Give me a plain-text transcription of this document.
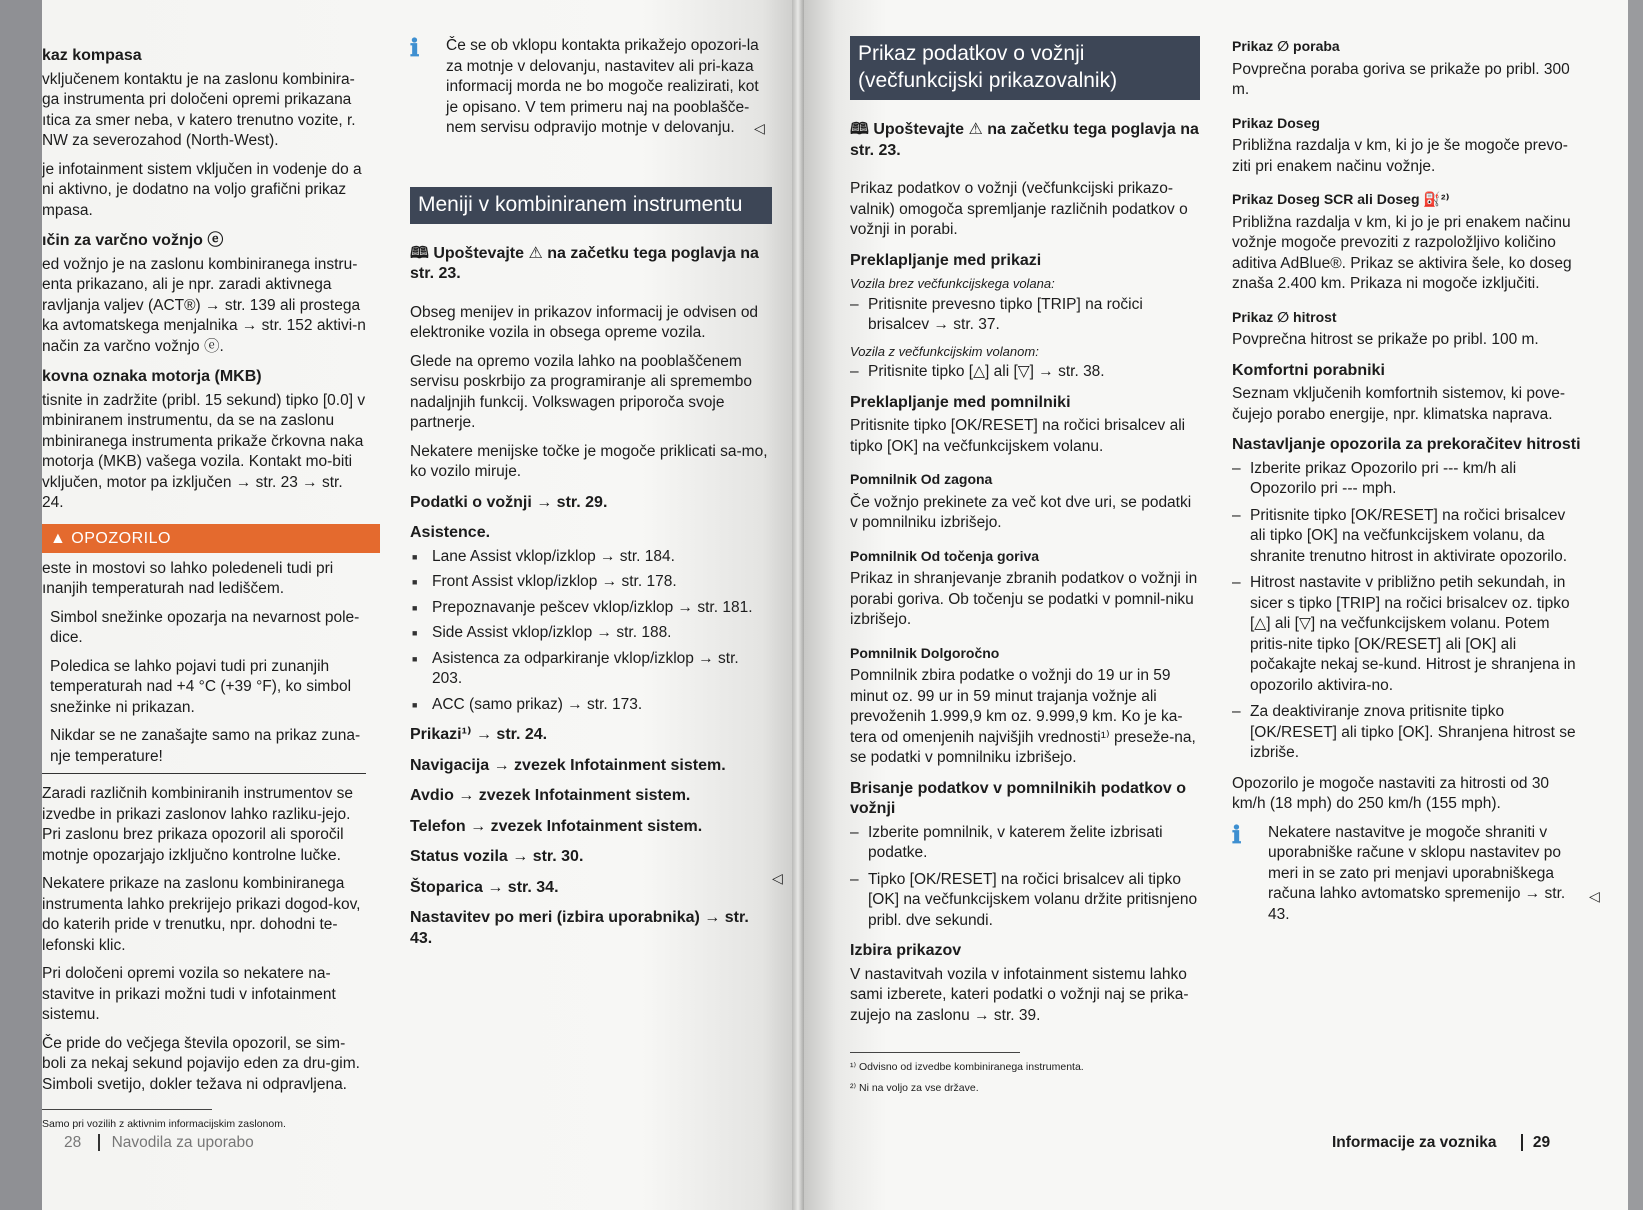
kaz kompasa

vključenem kontaktu je na zaslonu kombinira-ga instrumenta pri določeni opremi prikazana ıtica za smer neba, v katero trenutno vozite, r. NW za severozahod (North-West).

je infotainment sistem vključen in vodenje do a ni aktivno, je dodatno na voljo grafični prikaz mpasa.

ıčin za varčno vožnjo ⓔ

ed vožnjo je na zaslonu kombiniranega instru-enta prikazano, ali je npr. zaradi aktivnega ravljanja valjev (ACT®) → str. 139 ali prostega ka avtomatskega menjalnika → str. 152 aktivi-n način za varčno vožnjo ⓔ.

kovna oznaka motorja (MKB)

tisnite in zadržite (pribl. 15 sekund) tipko [0.0] v mbiniranem instrumentu, da se na zaslonu mbiniranega instrumenta prikaže črkovna naka motorja (MKB) vašega vozila. Kontakt mo-biti vključen, motor pa izključen → str. 23 → str. 24.

▲ OPOZORILO

este in mostovi so lahko poledeneli tudi pri ınanjih temperaturah nad lediščem.

Simbol snežinke opozarja na nevarnost pole-dice.

Poledica se lahko pojavi tudi pri zunanjih temperaturah nad +4 °C (+39 °F), ko simbol snežinke ni prikazan.

Nikdar se ne zanašajte samo na prikaz zuna-nje temperature!

Zaradi različnih kombiniranih instrumentov se izvedbe in prikazi zaslonov lahko razliku-jejo. Pri zaslonu brez prikaza opozoril ali sporočil motnje opozarjajo izključno kontrolne lučke.

Nekatere prikaze na zaslonu kombiniranega instrumenta lahko prekrijejo prikazi dogod-kov, do katerih pride v trenutku, npr. dohodni te-lefonski klic.

Pri določeni opremi vozila so nekatere na-stavitve in prikazi možni tudi v infotainment sistemu.

Če pride do večjega števila opozoril, se sim-boli za nekaj sekund pojavijo eden za dru-gim. Simboli svetijo, dokler težava ni odpravljena.

Samo pri vozilih z aktivnim informacijskim zaslonom.
ℹ Če se ob vklopu kontakta prikažejo opozori-la za motnje v delovanju, nastavitev ali pri-kaza informacij morda ne bo mogoče realizirati, kot je opisano. V tem primeru naj na pooblašče-nem servisu odpravijo motnje v delovanju.	◁
Meniji v kombiniranem instrumentu
🕮 Upoštevajte ⚠ na začetku tega poglavja na str. 23.

Obseg menijev in prikazov informacij je odvisen od elektronike vozila in obsega opreme vozila.

Glede na opremo vozila lahko na pooblaščenem servisu poskrbijo za programiranje ali spremembo nadaljnjih funkcij. Volkswagen priporoča svoje partnerje.

Nekatere menijske točke je mogoče priklicati sa-mo, ko vozilo miruje.

Podatki o vožnji → str. 29.
Asistence.
■ Lane Assist vklop/izklop → str. 184.
■ Front Assist vklop/izklop → str. 178.
■ Prepoznavanje pešcev vklop/izklop → str. 181.
■ Side Assist vklop/izklop → str. 188.
■ Asistenca za odparkiranje vklop/izklop → str. 203.
■ ACC (samo prikaz) → str. 173.
Prikazi¹⁾ → str. 24.
Navigacija → zvezek Infotainment sistem.
Avdio → zvezek Infotainment sistem.
Telefon → zvezek Infotainment sistem.
Status vozila → str. 30.
Štoparica → str. 34.
Nastavitev po meri (izbira uporabnika) → str. 43.
◁
28 Navodila za uporabo
Prikaz podatkov o vožnji (večfunkcijski prikazovalnik)
🕮 Upoštevajte ⚠ na začetku tega poglavja na str. 23.

Prikaz podatkov o vožnji (večfunkcijski prikazo-valnik) omogoča spremljanje različnih podatkov o vožnji in porabi.

Preklapljanje med prikazi
Vozila brez večfunkcijskega volana:
– Pritisnite prevesno tipko [TRIP] na ročici brisalcev → str. 37.
Vozila z večfunkcijskim volanom:
– Pritisnite tipko [△] ali [▽] → str. 38.
Preklapljanje med pomnilniki

Pritisnite tipko [OK/RESET] na ročici brisalcev ali tipko [OK] na večfunkcijskem volanu.

Pomnilnik Od zagona

Če vožnjo prekinete za več kot dve uri, se podatki v pomnilniku izbrišejo.

Pomnilnik Od točenja goriva

Prikaz in shranjevanje zbranih podatkov o vožnji in porabi goriva. Ob točenju se podatki v pomnil-niku izbrišejo.

Pomnilnik Dolgoročno

Pomnilnik zbira podatke o vožnji do 19 ur in 59 minut oz. 99 ur in 59 minut trajanja vožnje ali prevoženih 1.999,9 km oz. 9.999,9 km. Ko je ka-tera od omenjenih najvišjih vrednosti¹⁾ preseže-na, se podatki v pomnilniku izbrišejo.

Brisanje podatkov v pomnilnikih podatkov o vožnji
– Izberite pomnilnik, v katerem želite izbrisati podatke.
– Tipko [OK/RESET] na ročici brisalcev ali tipko [OK] na večfunkcijskem volanu držite pritisnjeno pribl. dve sekundi.
Izbira prikazov

V nastavitvah vozila v infotainment sistemu lahko sami izberete, kateri podatki o vožnji naj se prika-zujejo na zaslonu → str. 39.

¹⁾ Odvisno od izvedbe kombiniranega instrumenta.
²⁾ Ni na voljo za vse države.
Prikaz ∅ poraba

Povprečna poraba goriva se prikaže po pribl. 300 m.

Prikaz Doseg

Približna razdalja v km, ki jo je še mogoče prevo-ziti pri enakem načinu vožnje.

Prikaz Doseg SCR ali Doseg ⛽²⁾

Približna razdalja v km, ki jo je pri enakem načinu vožnje mogoče prevoziti z razpoložljivo količino aditiva AdBlue®. Prikaz se aktivira šele, ko doseg znaša 2.400 km. Prikaza ni mogoče izključiti.

Prikaz ∅ hitrost

Povprečna hitrost se prikaže po pribl. 100 m.

Komfortni porabniki

Seznam vključenih komfortnih sistemov, ki pove-čujejo porabo energije, npr. klimatska naprava.

Nastavljanje opozorila za prekoračitev hitrosti
– Izberite prikaz Opozorilo pri --- km/h ali Opozorilo pri --- mph.
– Pritisnite tipko [OK/RESET] na ročici brisalcev ali tipko [OK] na večfunkcijskem volanu, da shranite trenutno hitrost in aktivirate opozorilo.
– Hitrost nastavite v približno petih sekundah, in sicer s tipko [TRIP] na ročici brisalcev oz. tipko [△] ali [▽] na večfunkcijskem volanu. Potem pritis-nite tipko [OK/RESET] ali [OK] ali počakajte nekaj se-kund. Hitrost je shranjena in opozorilo aktivira-no.
– Za deaktiviranje znova pritisnite tipko [OK/RESET] ali tipko [OK]. Shranjena hitrost se izbriše.

Opozorilo je mogoče nastaviti za hitrosti od 30 km/h (18 mph) do 250 km/h (155 mph).

ℹ Nekatere nastavitve je mogoče shraniti v uporabniške račune v sklopu nastavitev po meri in se zato pri menjavi uporabniškega računa lahko avtomatsko spremenijo → str. 43.

◁
Informacije za voznika 29
